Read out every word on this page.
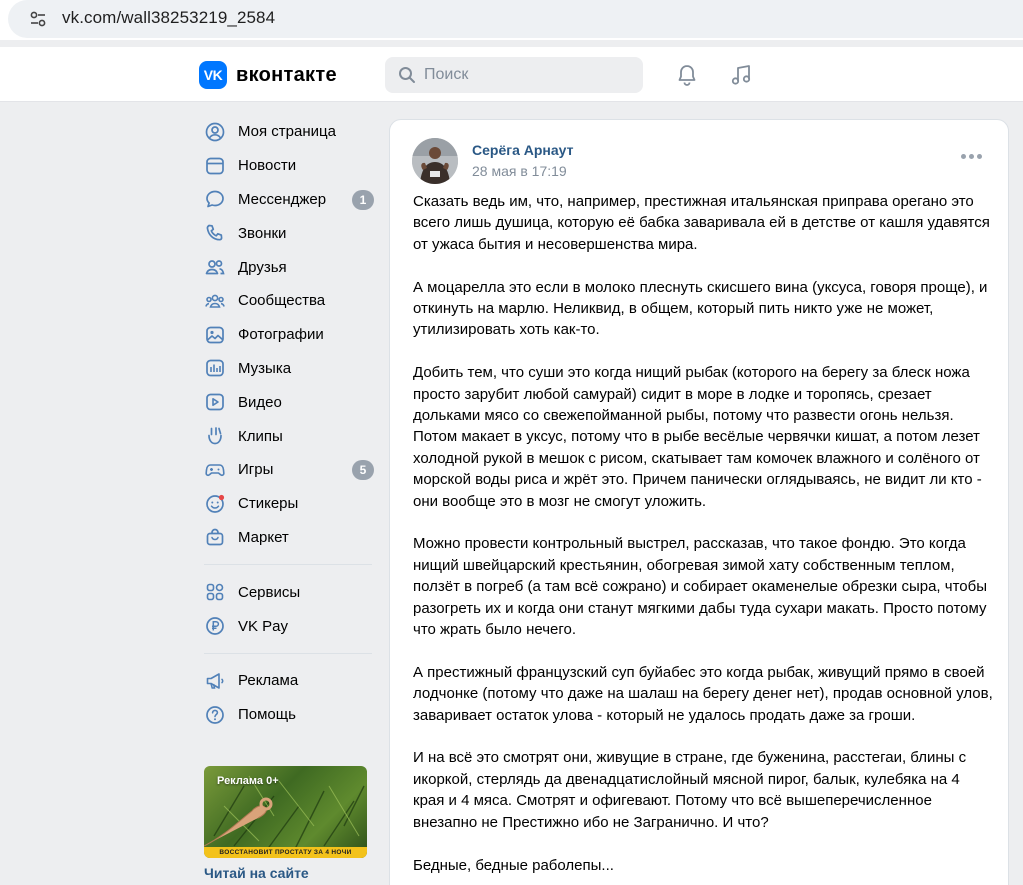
vk.com/wall38253219_2584
VK вконтакте
Поиск
Моя страница
Новости
Мессенджер	1
Звонки
Друзья
Сообщества
Фотографии
Музыка
Видео
Клипы
Игры	5
Стикеры
Маркет
Сервисы
VK Pay
Реклама
Помощь
Реклама 0+
ВОССТАНОВИТ ПРОСТАТУ ЗА 4 НОЧИ
Читай на сайте
Серёга Арнаут
28 мая в 17:19

Сказать ведь им, что, например, престижная итальянская приправа орегано это всего лишь душица, которую её бабка заваривала ей в детстве от кашля удавятся от ужаса бытия и несовершенства мира.

А моцарелла это если в молоко плеснуть скисшего вина (уксуса, говоря проще), и откинуть на марлю. Неликвид, в общем, который пить никто уже не может, утилизировать хоть как-то.

Добить тем, что суши это когда нищий рыбак (которого на берегу за блеск ножа просто зарубит любой самурай) сидит в море в лодке и торопясь, срезает дольками мясо со свежепойманной рыбы, потому что развести огонь нельзя. Потом макает в уксус, потому что в рыбе весёлые червячки кишат, а потом лезет холодной рукой в мешок с рисом, скатывает там комочек влажного и солёного от морской воды риса и жрёт это. Причем панически оглядываясь, не видит ли кто - они вообще это в мозг не смогут уложить.

Можно провести контрольный выстрел, рассказав, что такое фондю. Это когда нищий швейцарский крестьянин, обогревая зимой хату собственным теплом, ползёт в погреб (а там всё сожрано) и собирает окаменелые обрезки сыра, чтобы разогреть их и когда они станут мягкими дабы туда сухари макать. Просто потому что жрать было нечего.

А престижный французский суп буйабес это когда рыбак, живущий прямо в своей лодчонке (потому что даже на шалаш на берегу денег нет), продав основной улов, заваривает остаток улова - который не удалось продать даже за гроши.

И на всё это смотрят они, живущие в стране, где буженина, расстегаи, блины с икоркой, стерлядь да двенадцатислойный мясной пирог, балык, кулебяка на 4 края и 4 мяса. Смотрят и офигевают. Потому что всё вышеперечисленное внезапно не Престижно ибо не Загранично. И что?

Бедные, бедные раболепы...
